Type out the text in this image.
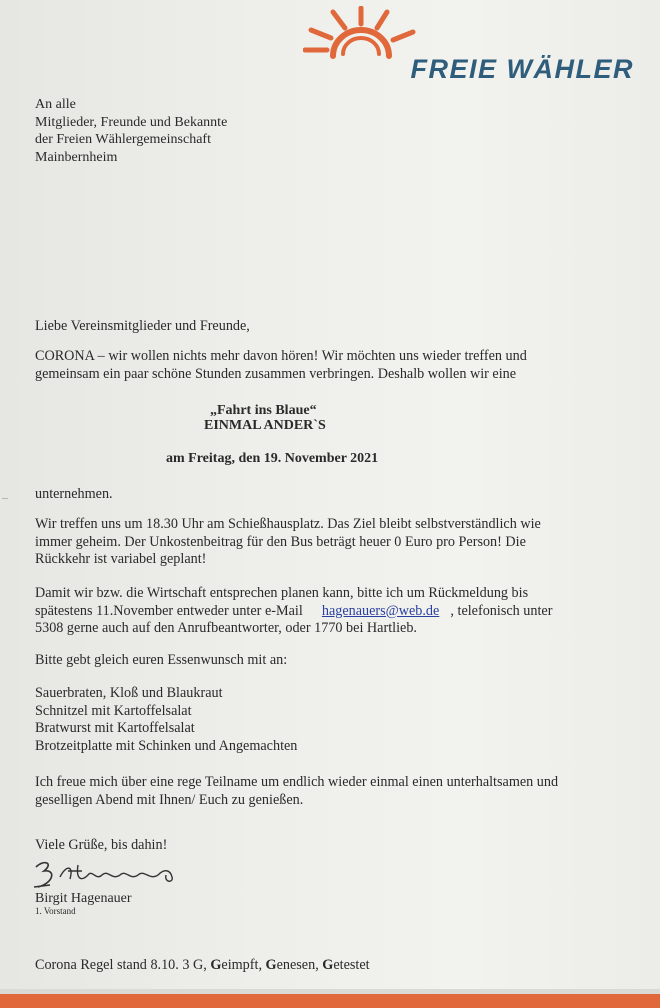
FREIE WÄHLER
An alle
Mitglieder, Freunde und Bekannte
der Freien Wählergemeinschaft
Mainbernheim
Liebe Vereinsmitglieder und Freunde,
CORONA – wir wollen nichts mehr davon hören! Wir möchten uns wieder treffen und
gemeinsam ein paar schöne Stunden zusammen verbringen. Deshalb wollen wir eine
„Fahrt ins Blaue“
EINMAL ANDER`S
am Freitag, den 19. November 2021
– unternehmen.
Wir treffen uns um 18.30 Uhr am Schießhausplatz. Das Ziel bleibt selbstverständlich wie
immer geheim. Der Unkostenbeitrag für den Bus beträgt heuer 0 Euro pro Person! Die
Rückkehr ist variabel geplant!
Damit wir bzw. die Wirtschaft entsprechen planen kann, bitte ich um Rückmeldung bis
spätestens 11.November entweder unter e-Mail hagenauers@web.de , telefonisch unter
5308 gerne auch auf den Anrufbeantworter, oder 1770 bei Hartlieb.
Bitte gebt gleich euren Essenwunsch mit an:
Sauerbraten, Kloß und Blaukraut
Schnitzel mit Kartoffelsalat
Bratwurst mit Kartoffelsalat
Brotzeitplatte mit Schinken und Angemachten
Ich freue mich über eine rege Teilname um endlich wieder einmal einen unterhaltsamen und
geselligen Abend mit Ihnen/ Euch zu genießen.
Viele Grüße, bis dahin!
Birgit Hagenauer
1. Vorstand
Corona Regel stand 8.10. 3 G, Geimpft, Genesen, Getestet
